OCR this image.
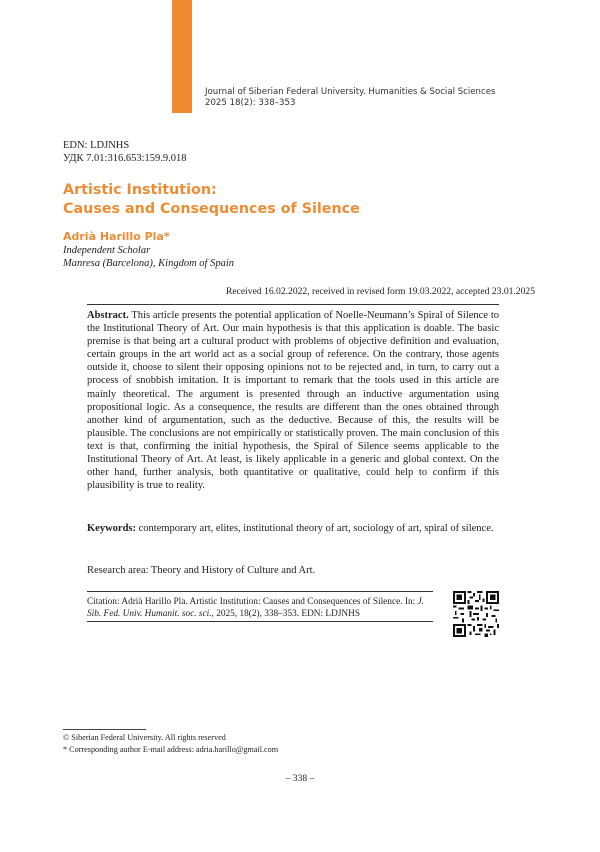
Journal of Siberian Federal University. Humanities & Social Sciences
2025 18(2): 338–353
EDN: LDJNHS
УДК 7.01:316.653:159.9.018
Artistic Institution:
Causes and Consequences of Silence
Adrià Harillo Pla*
Independent Scholar
Manresa (Barcelona), Kingdom of Spain
Received 16.02.2022, received in revised form 19.03.2022, accepted 23.01.2025
Abstract. This article presents the potential application of Noelle-Neumann’s Spiral of Silence to the Institutional Theory of Art. Our main hypothesis is that this application is doable. The basic premise is that being art a cultural product with problems of objective definition and evaluation, certain groups in the art world act as a social group of reference. On the contrary, those agents outside it, choose to silent their opposing opinions not to be rejected and, in turn, to carry out a process of snobbish imitation. It is important to remark that the tools used in this article are mainly theoretical. The argument is presented through an inductive argumentation using propositional logic. As a consequence, the results are different than the ones obtained through another kind of argumentation, such as the deductive. Because of this, the results will be plausible. The conclusions are not empirically or statistically proven. The main conclusion of this text is that, confirming the initial hypothesis, the Spiral of Silence seems applicable to the Institutional Theory of Art. At least, is likely applicable in a generic and global context. On the other hand, further analysis, both quantitative or qualitative, could help to confirm if this plausibility is true to reality.
Keywords: contemporary art, elites, institutional theory of art, sociology of art, spiral of silence.
Research area: Theory and History of Culture and Art.
Citation: Adrià Harillo Pla. Artistic Institution: Causes and Consequences of Silence. In: J. Sib. Fed. Univ. Humanit. soc. sci., 2025, 18(2), 338–353. EDN: LDJNHS
© Siberian Federal University. All rights reserved
* Corresponding author E-mail address: adria.harillo@gmail.com
– 338 –
